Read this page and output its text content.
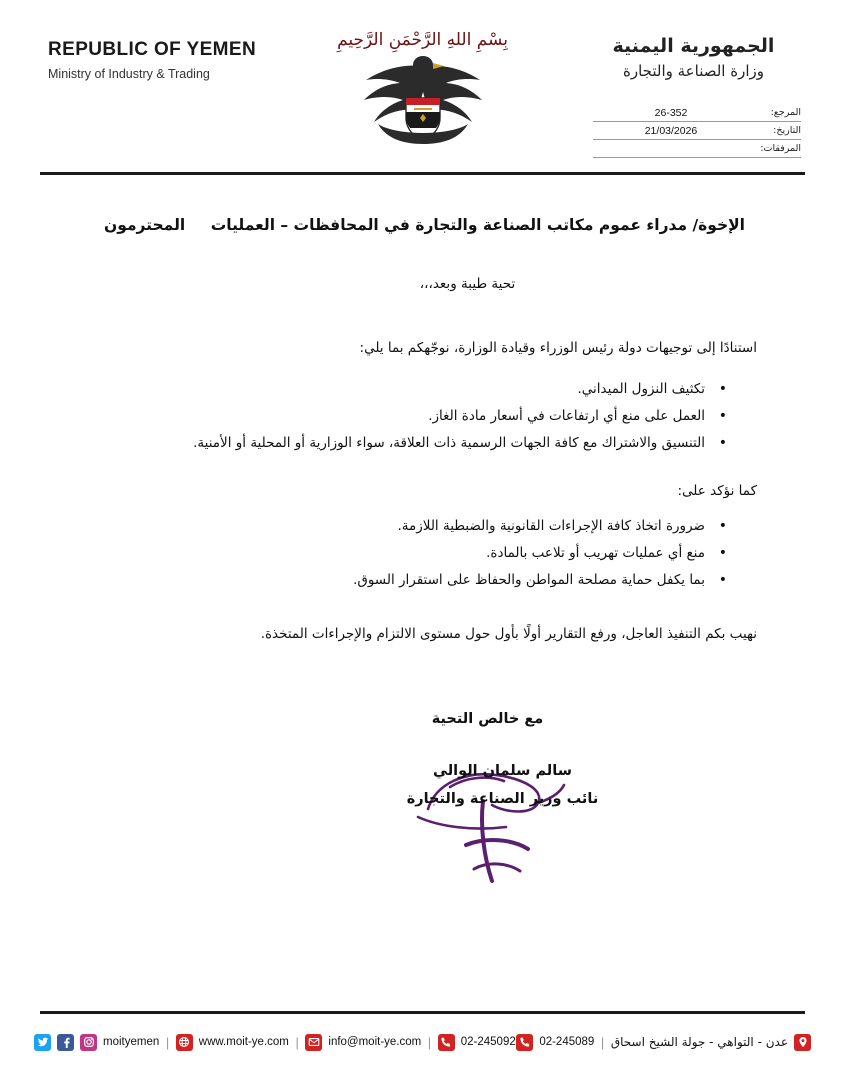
REPUBLIC OF YEMEN
Ministry of Industry & Trading
بِسْمِ اللهِ الرَّحْمَنِ الرَّحِيمِ	الجمهورية اليمنية
وزارة الصناعة والتجارة
المرجع:
26-352
التاريخ:
21/03/2026
المرفقات:
الإخوة/ مدراء عموم مكاتب الصناعة والتجارة في المحافظات – العمليات
المحترمون
تحية طيبة وبعد،،،
استنادًا إلى توجيهات دولة رئيس الوزراء وقيادة الوزارة، نوجّهكم بما يلي:
• تكثيف النزول الميداني.
• العمل على منع أي ارتفاعات في أسعار مادة الغاز.
• التنسيق والاشتراك مع كافة الجهات الرسمية ذات العلاقة، سواء الوزارية أو المحلية أو الأمنية.
كما نؤكد على:
• ضرورة اتخاذ كافة الإجراءات القانونية والضبطية اللازمة.
• منع أي عمليات تهريب أو تلاعب بالمادة.
• بما يكفل حماية مصلحة المواطن والحفاظ على استقرار السوق.
نهيب بكم التنفيذ العاجل، ورفع التقارير أولًا بأول حول مستوى الالتزام والإجراءات المتخذة.
مع خالص التحية
سالم سلمان الوالي
نائب وزير الصناعة والتجارة
moityemen |	www.moit-ye.com |	info@moit-ye.com |	02-245092 02-245089 | عدن - التواهي - جولة الشيخ اسحاق
